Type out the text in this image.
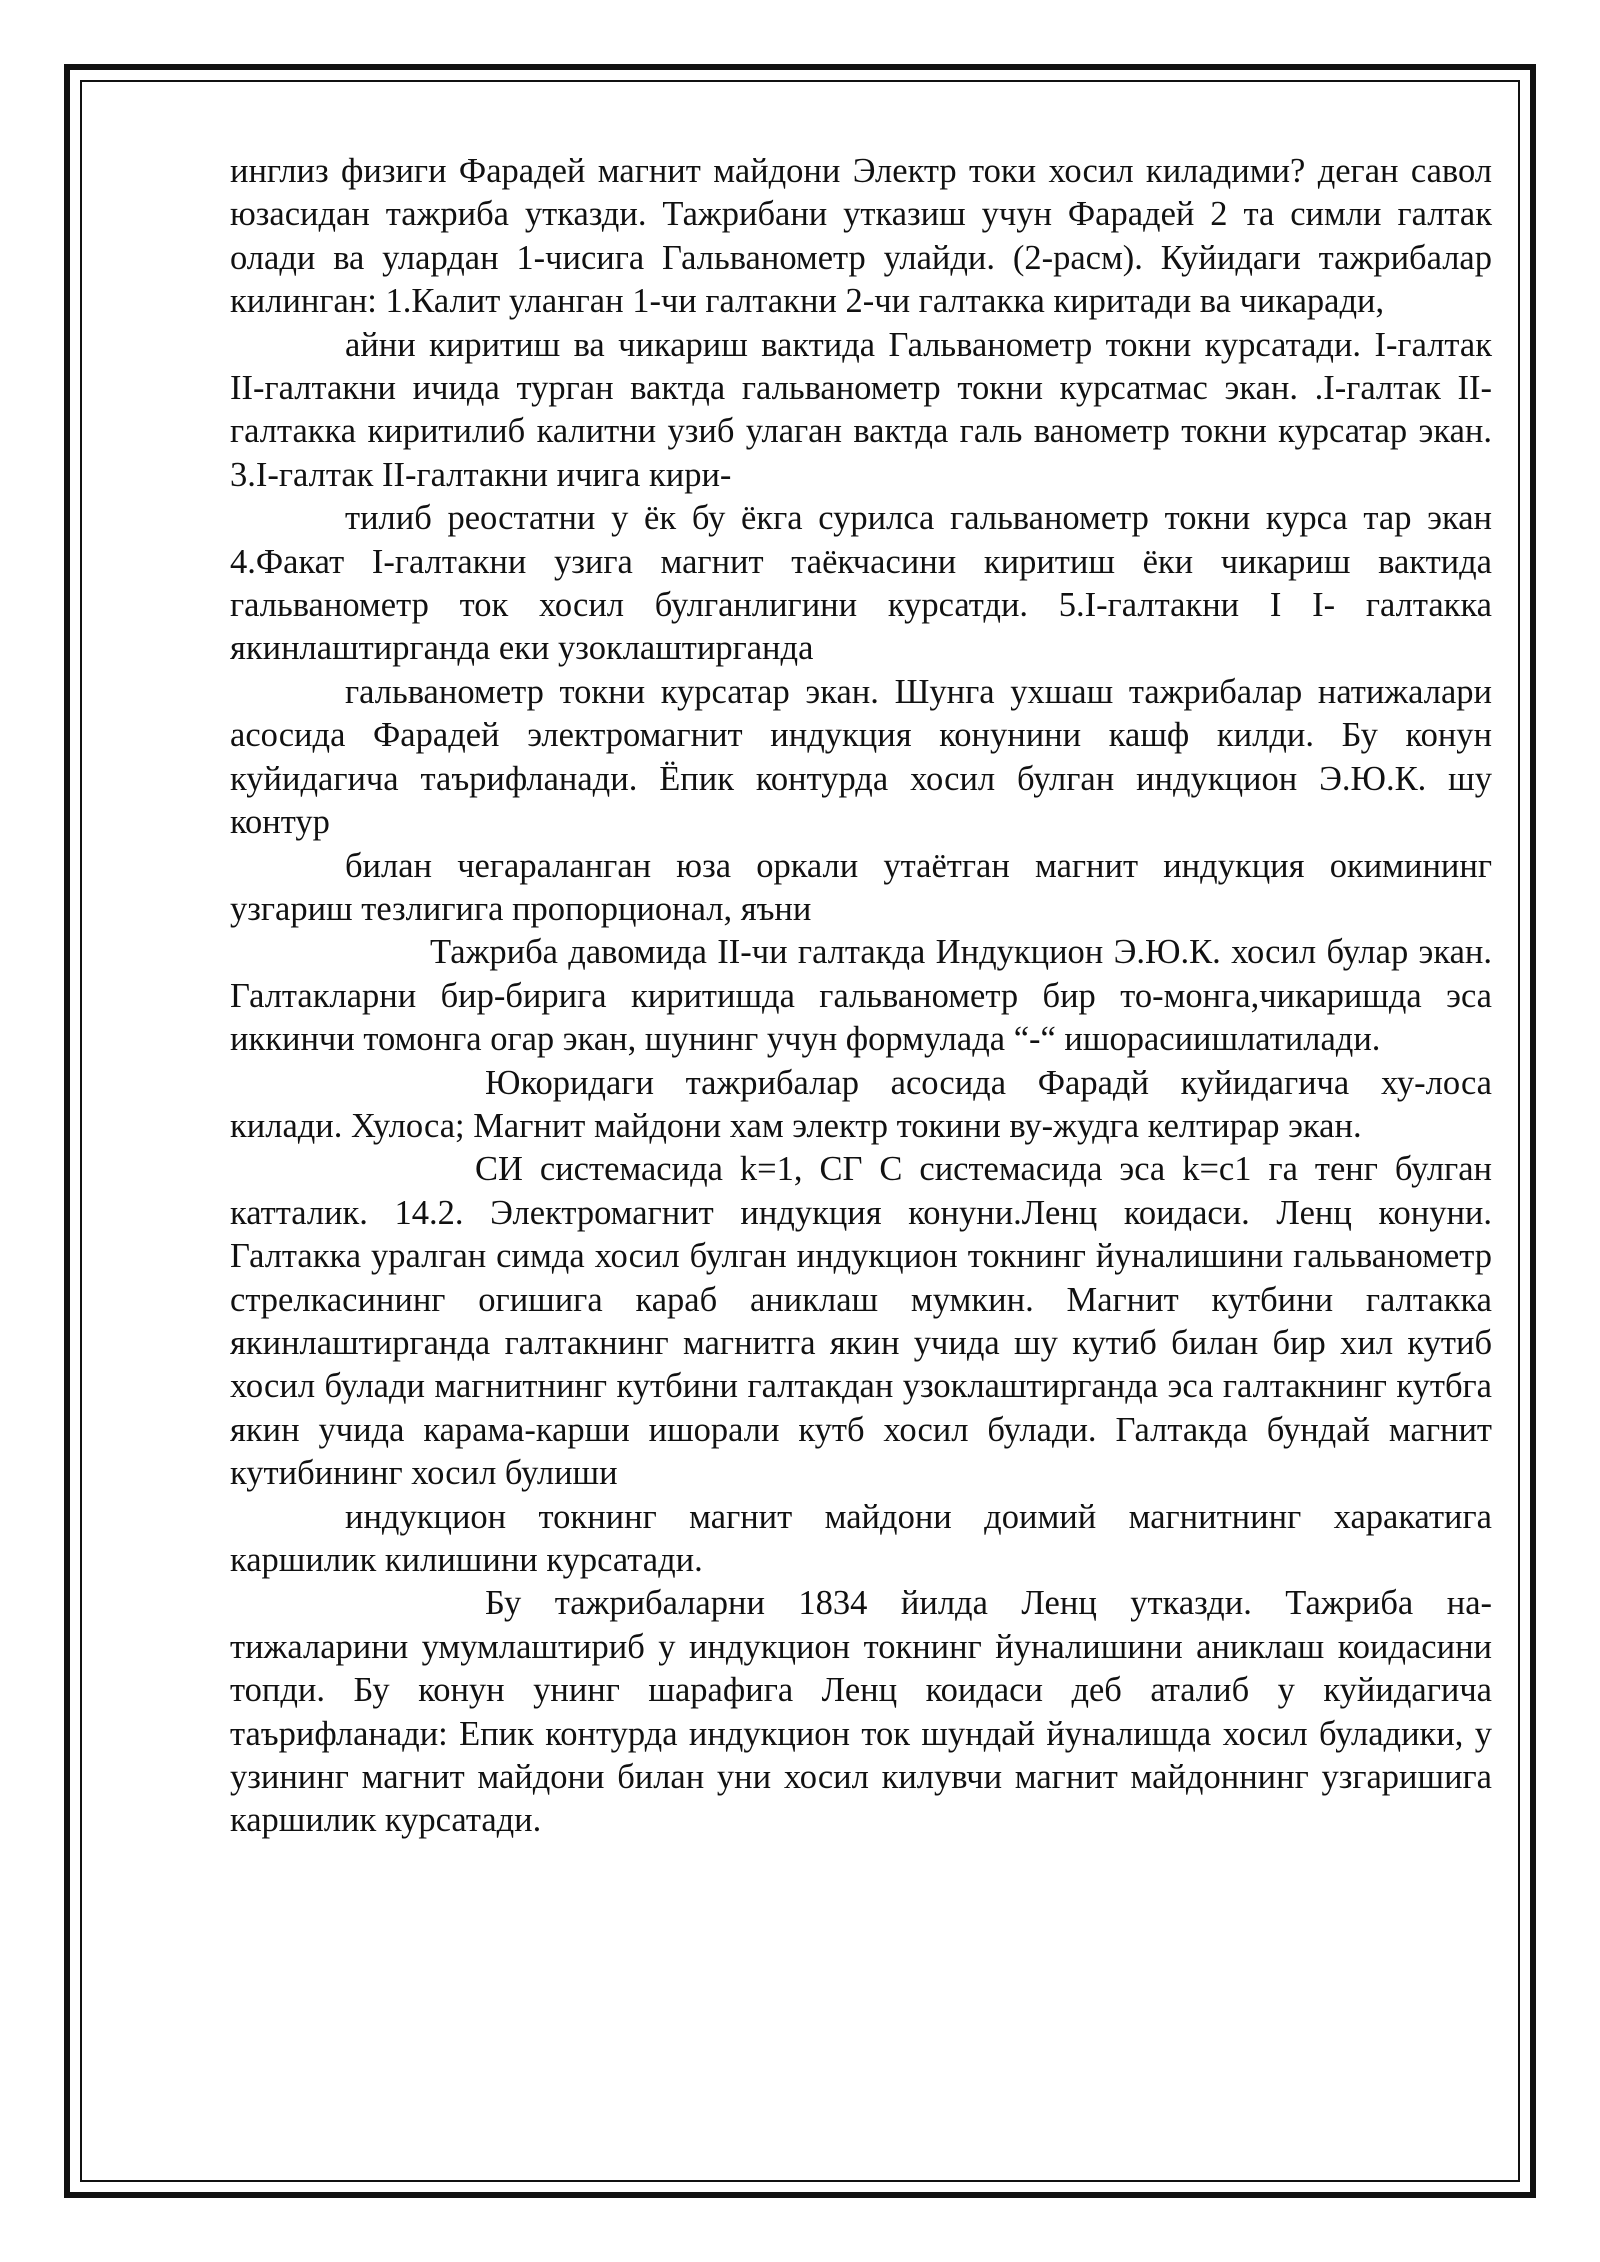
инглиз физиги Фарадей магнит майдони Электр токи хосил киладими? деган савол юзасидан тажриба утказди. Тажрибани утказиш учун Фарадей 2 та симли галтак олади ва улардан 1-чисига Гальванометр улайди. (2-расм). Куйидаги тажрибалар килинган: 1.Калит уланган 1-чи галтакни 2-чи галтакка киритади ва чикаради,

айни киритиш ва чикариш вактида Гальванометр токни курсатади. I-галтак II-галтакни ичида турган вактда гальванометр токни курсатмас экан. .I-галтак II-галтакка киритилиб калитни узиб улаган вактда галь ванометр токни курсатар экан. 3.I-галтак II-галтакни ичига кири-

тилиб реостатни у ёк бу ёкга сурилса гальванометр токни курса тар экан 4.Факат I-галтакни узига магнит таёкчасини киритиш ёки чикариш вактида гальванометр ток хосил булганлигини курсатди. 5.I-галтакни I I- галтакка якинлаштирганда еки узоклаштирганда

гальванометр токни курсатар экан. Шунга ухшаш тажрибалар натижалари асосида Фарадей электромагнит индукция конунини кашф килди. Бу конун куйидагича таърифланади. Ёпик контурда хосил булган индукцион Э.Ю.К. шу контур

билан чегараланган юза оркали утаётган магнит индукция окимининг узгариш тезлигига пропорционал, яъни

Тажриба давомида II-чи галтакда Индукцион Э.Ю.К. хосил булар экан. Галтакларни бир-бирига киритишда гальванометр бир то-монга,чикаришда эса иккинчи томонга огар экан, шунинг учун формулада “-“ ишорасиишлатилади.

Юкоридаги тажрибалар асосида Фарадй куйидагича ху-лоса килади. Хулоса; Магнит майдони хам электр токини ву-жудга келтирар экан.

СИ системасида k=1, СГ С системасида эса k=c1 га тенг булган катталик. 14.2. Электромагнит индукция конуни.Ленц коидаси. Ленц конуни. Галтакка уралган симда хосил булган индукцион токнинг йуналишини гальванометр стрелкасининг огишига караб аниклаш мумкин. Магнит кутбини галтакка якинлаштирганда галтакнинг магнитга якин учида шу кутиб билан бир хил кутиб хосил булади магнитнинг кутбини галтакдан узоклаштирганда эса галтакнинг кутбга якин учида карама-карши ишорали кутб хосил булади. Галтакда бундай магнит кутибининг хосил булиши

индукцион токнинг магнит майдони доимий магнитнинг харакатига каршилик килишини курсатади.

Бу тажрибаларни 1834 йилда Ленц утказди. Тажриба на-тижаларини умумлаштириб у индукцион токнинг йуналишини аниклаш коидасини топди. Бу конун унинг шарафига Ленц коидаси деб аталиб у куйидагича таърифланади: Епик контурда индукцион ток шундай йуналишда хосил буладики, у узининг магнит майдони билан уни хосил килувчи магнит майдоннинг узгаришига каршилик курсатади.
